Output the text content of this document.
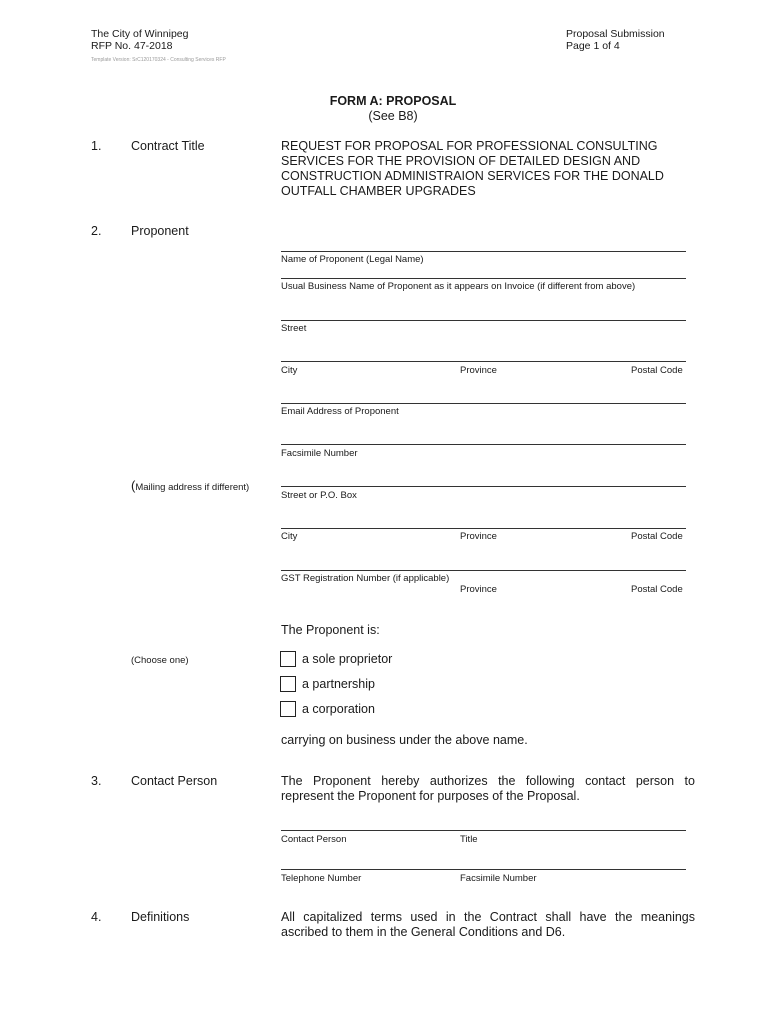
The City of Winnipeg
RFP No. 47-2018
Template Version: SrC120170324 - Consulting Services RFP
Proposal Submission
Page 1 of 4
FORM A: PROPOSAL
(See B8)
1. Contract Title	REQUEST FOR PROPOSAL FOR PROFESSIONAL CONSULTING
SERVICES FOR THE PROVISION OF DETAILED DESIGN AND
CONSTRUCTION ADMINISTRAION SERVICES FOR THE DONALD
OUTFALL CHAMBER UPGRADES
2. Proponent
Name of Proponent (Legal Name)
Usual Business Name of Proponent as it appears on Invoice (if different from above)
Street
City	Province	Postal Code
Email Address of Proponent
Facsimile Number
(Mailing address if different)
Street or P.O. Box
City	Province	Postal Code
GST Registration Number (if applicable)
Province	Postal Code
The Proponent is:
(Choose one)	a sole proprietor
a partnership
a corporation
carrying on business under the above name.
3. Contact Person	The Proponent hereby authorizes the following contact person to
represent the Proponent for purposes of the Proposal.
Contact Person	Title
Telephone Number	Facsimile Number
4. Definitions	All capitalized terms used in the Contract shall have the meanings
ascribed to them in the General Conditions and D6.
